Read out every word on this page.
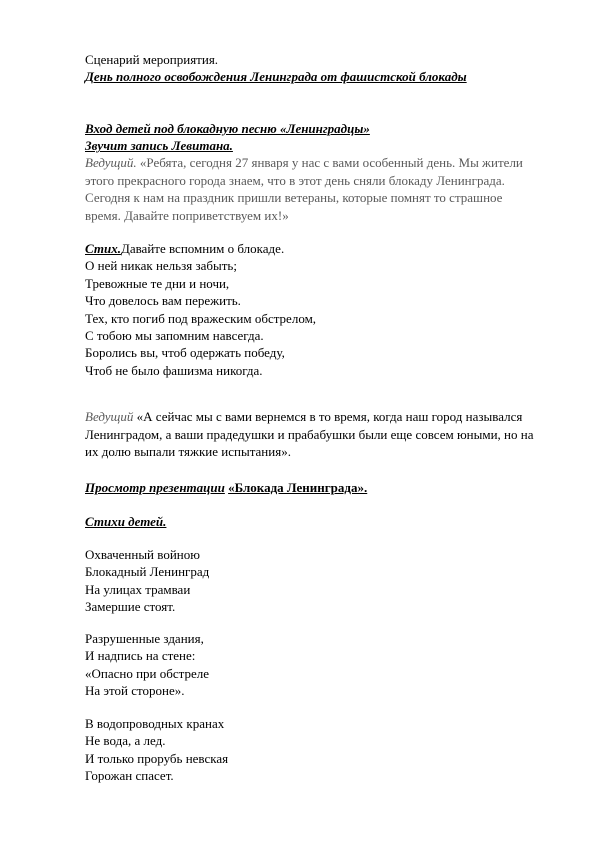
Сценарий мероприятия.
День полного освобождения Ленинграда от фашистской блокады
Вход детей под блокадную песню «Ленинградцы»
Звучит запись Левитана.

Ведущий. «Ребята, сегодня 27 января у нас с вами особенный день. Мы жители этого прекрасного города знаем, что в этот день сняли блокаду Ленинграда. Сегодня к нам на праздник пришли ветераны, которые помнят то страшное время. Давайте поприветствуем их!»

Стих.Давайте вспомним о блокаде.
О ней никак нельзя забыть;
Тревожные те дни и ночи,
Что довелось вам пережить.
Тех, кто погиб под вражеским обстрелом,
С тобою мы запомним навсегда.
Боролись вы, чтоб одержать победу,
Чтоб не было фашизма никогда.

Ведущий «А сейчас мы с вами вернемся в то время, когда наш город назывался Ленинградом, а ваши прадедушки и прабабушки были еще совсем юными, но на их долю выпали тяжкие испытания».

Просмотр презентации «Блокада Ленинграда».
Стихи детей.
Охваченный войною
Блокадный Ленинград
На улицах трамваи
Замершие стоят.
Разрушенные здания,
И надпись на стене:
«Опасно при обстреле
На этой стороне».
В водопроводных кранах
Не вода, а лед.
И только прорубь невская
Горожан спасет.
